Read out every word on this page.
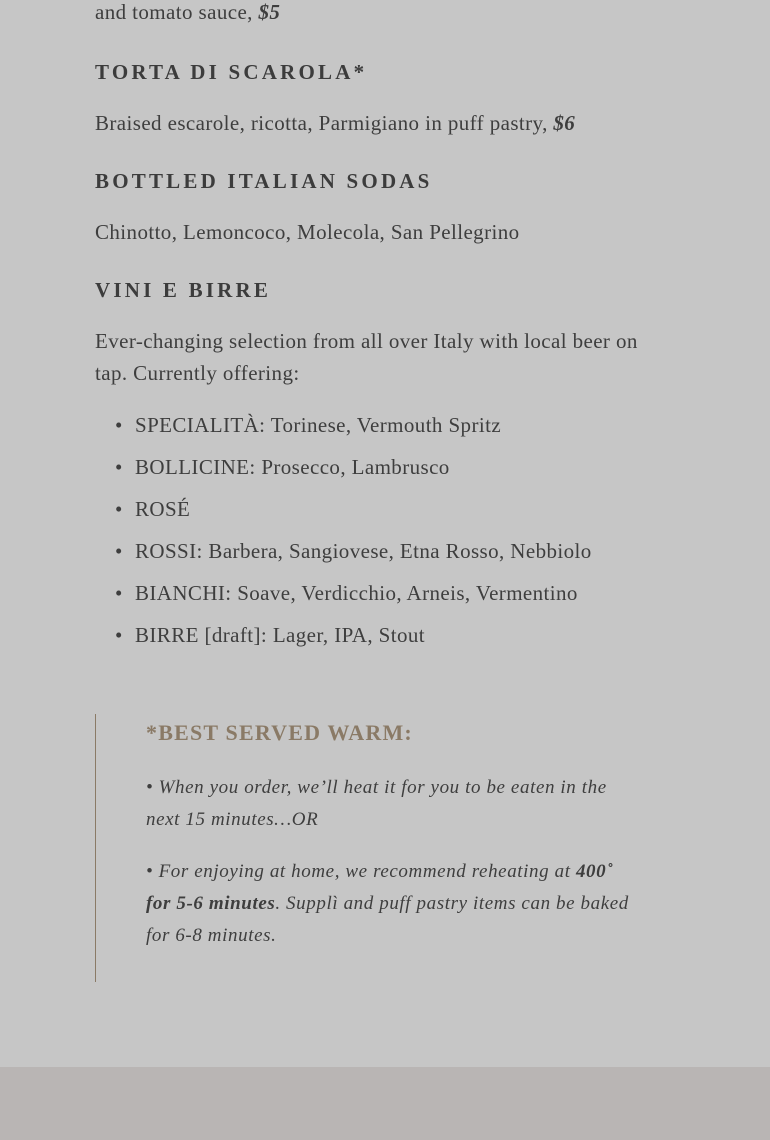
and tomato sauce, $5
TORTA DI SCAROLA*
Braised escarole, ricotta, Parmigiano in puff pastry, $6
BOTTLED ITALIAN SODAS
Chinotto, Lemoncoco, Molecola, San Pellegrino
VINI E BIRRE
Ever-changing selection from all over Italy with local beer on tap. Currently offering:
• SPECIALITÀ: Torinese, Vermouth Spritz
• BOLLICINE: Prosecco, Lambrusco
• ROSÉ
• ROSSI: Barbera, Sangiovese, Etna Rosso, Nebbiolo
• BIANCHI: Soave, Verdicchio, Arneis, Vermentino
• BIRRE [draft]: Lager, IPA, Stout
*BEST SERVED WARM:
• When you order, we’ll heat it for you to be eaten in the next 15 minutes…OR
• For enjoying at home, we recommend reheating at 400˚ for 5-6 minutes. Supplì and puff pastry items can be baked for 6-8 minutes.
